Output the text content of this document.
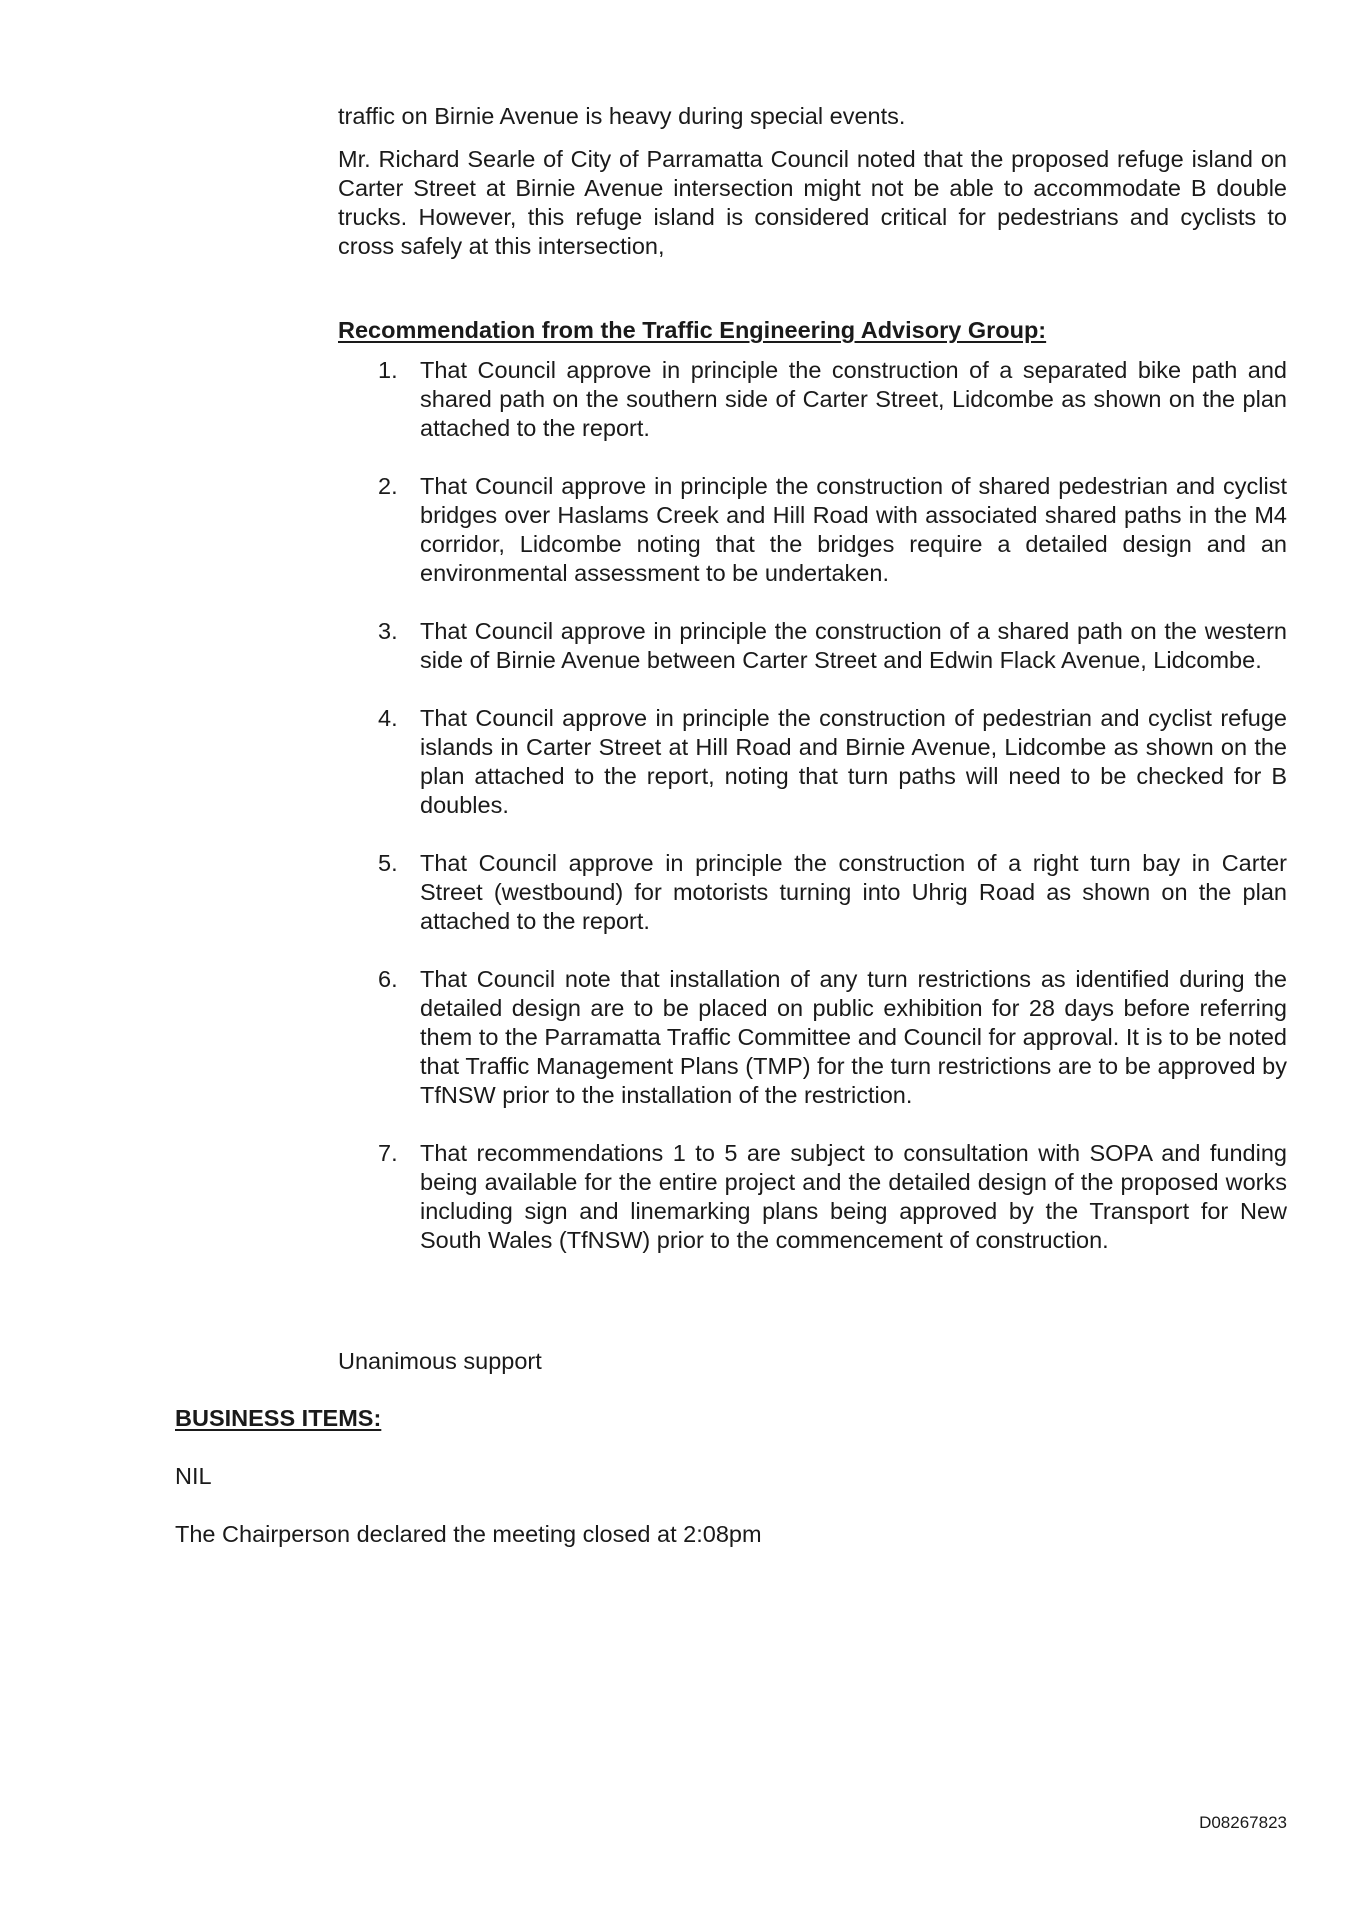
traffic on Birnie Avenue is heavy during special events.
Mr. Richard Searle of City of Parramatta Council noted that the proposed refuge island on Carter Street at Birnie Avenue intersection might not be able to accommodate B double trucks. However, this refuge island is considered critical for pedestrians and cyclists to cross safely at this intersection,
Recommendation from the Traffic Engineering Advisory Group:
1. That Council approve in principle the construction of a separated bike path and shared path on the southern side of Carter Street, Lidcombe as shown on the plan attached to the report.
2. That Council approve in principle the construction of shared pedestrian and cyclist bridges over Haslams Creek and Hill Road with associated shared paths in the M4 corridor, Lidcombe noting that the bridges require a detailed design and an environmental assessment to be undertaken.
3. That Council approve in principle the construction of a shared path on the western side of Birnie Avenue between Carter Street and Edwin Flack Avenue, Lidcombe.
4. That Council approve in principle the construction of pedestrian and cyclist refuge islands in Carter Street at Hill Road and Birnie Avenue, Lidcombe as shown on the plan attached to the report, noting that turn paths will need to be checked for B doubles.
5. That Council approve in principle the construction of a right turn bay in Carter Street (westbound) for motorists turning into Uhrig Road as shown on the plan attached to the report.
6. That Council note that installation of any turn restrictions as identified during the detailed design are to be placed on public exhibition for 28 days before referring them to the Parramatta Traffic Committee and Council for approval. It is to be noted that Traffic Management Plans (TMP) for the turn restrictions are to be approved by TfNSW prior to the installation of the restriction.
7. That recommendations 1 to 5 are subject to consultation with SOPA and funding being available for the entire project and the detailed design of the proposed works including sign and linemarking plans being approved by the Transport for New South Wales (TfNSW) prior to the commencement of construction.
Unanimous support
BUSINESS ITEMS:
NIL
The Chairperson declared the meeting closed at 2:08pm
D08267823
